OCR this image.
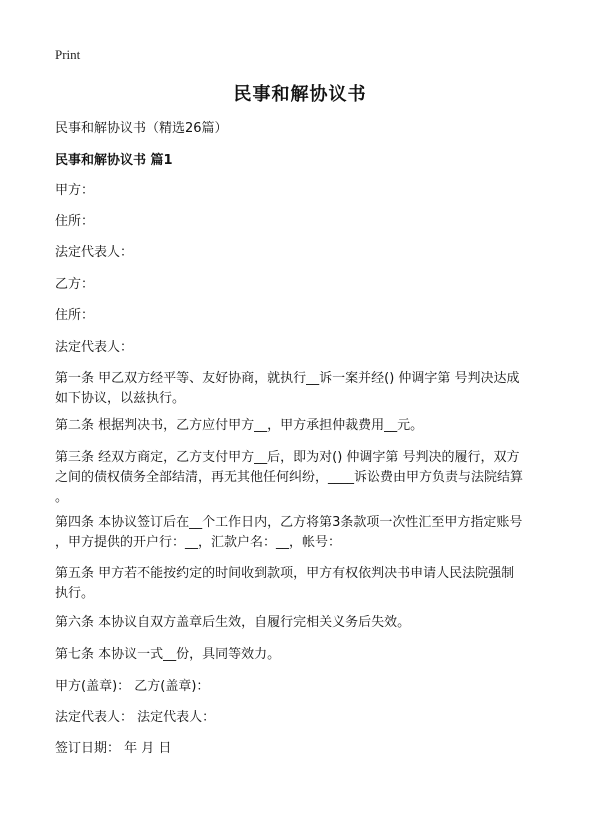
Print
民事和解协议书
民事和解协议书（精选26篇）
民事和解协议书 篇1
甲方：
住所：
法定代表人：
乙方：
住所：
法定代表人：
第一条 甲乙双方经平等、友好协商，就执行__诉一案并经() 仲调字第 号判决达成
如下协议，以兹执行。
第二条 根据判决书，乙方应付甲方__，甲方承担仲裁费用__元。
第三条 经双方商定，乙方支付甲方__后，即为对() 仲调字第 号判决的履行，双方
之间的债权债务全部结清，再无其他任何纠纷，____诉讼费由甲方负责与法院结算
。
第四条 本协议签订后在__个工作日内，乙方将第3条款项一次性汇至甲方指定账号
，甲方提供的开户行：__，汇款户名：__，帐号：
第五条 甲方若不能按约定的时间收到款项，甲方有权依判决书申请人民法院强制
执行。
第六条 本协议自双方盖章后生效，自履行完相关义务后失效。
第七条 本协议一式__份，具同等效力。
甲方(盖章)： 乙方(盖章)：
法定代表人： 法定代表人：
签订日期： 年 月 日
